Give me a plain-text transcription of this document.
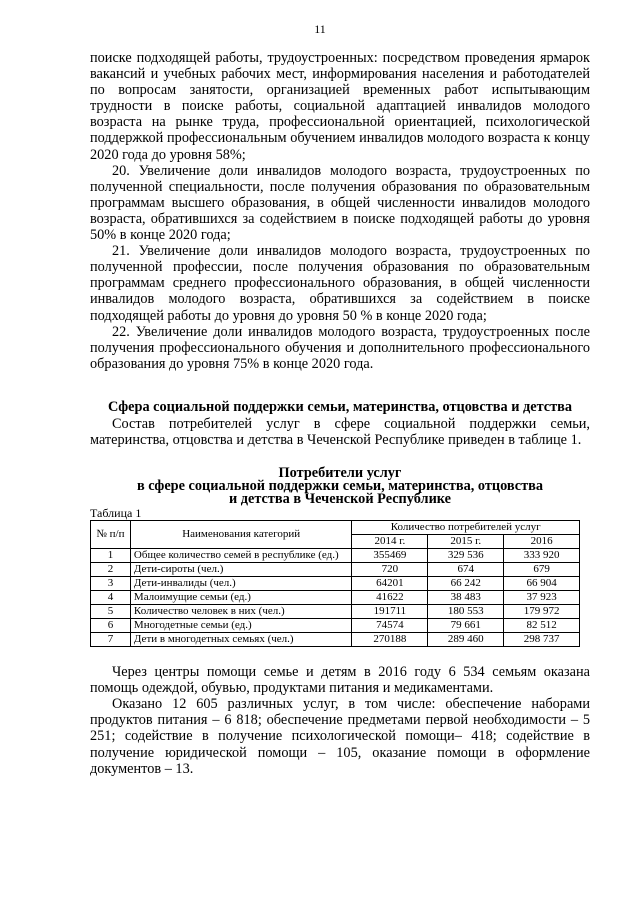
11

поиске подходящей работы, трудоустроенных: посредством проведения ярмарок вакансий и учебных рабочих мест, информирования населения и работодателей по вопросам занятости, организацией временных работ испытывающим трудности в поиске работы, социальной адаптацией инвалидов молодого возраста на рынке труда, профессиональной ориентацией, психологической поддержкой профессиональным обучением инвалидов молодого возраста к концу 2020 года до уровня 58%;

20. Увеличение доли инвалидов молодого возраста, трудоустроенных по полученной специальности, после получения образования по образовательным программам высшего образования, в общей численности инвалидов молодого возраста, обратившихся за содействием в поиске подходящей работы до уровня 50% в конце 2020 года;

21. Увеличение доли инвалидов молодого возраста, трудоустроенных по полученной профессии, после получения образования по образовательным программам среднего профессионального образования, в общей численности инвалидов молодого возраста, обратившихся за содействием в поиске подходящей работы до уровня до уровня 50 % в конце 2020 года;

22. Увеличение доли инвалидов молодого возраста, трудоустроенных после получения профессионального обучения и дополнительного профессионального образования до уровня 75% в конце 2020 года.

Сфера социальной поддержки семьи, материнства, отцовства и детства

Состав потребителей услуг в сфере социальной поддержки семьи, материнства, отцовства и детства в Чеченской Республике приведен в таблице 1.

Потребители услуг
в сфере социальной поддержки семьи, материнства, отцовства
и детства в Чеченской Республике
Таблица 1
№ п/п	Наименования категорий	Количество потребителей услуг		
		2014 г.	2015 г.	2016
1	Общее количество семей в республике (ед.)	355469	329 536	333 920
2	Дети-сироты (чел.)	720	674	679
3	Дети-инвалиды (чел.)	64201	66 242	66 904
4	Малоимущие семьи (ед.)	41622	38 483	37 923
5	Количество человек в них (чел.)	191711	180 553	179 972
6	Многодетные семьи (ед.)	74574	79 661	82 512
7	Дети в многодетных семьях (чел.)	270188	289 460	298 737

Через центры помощи семье и детям в 2016 году 6 534 семьям оказана помощь одеждой, обувью, продуктами питания и медикаментами.

Оказано 12 605 различных услуг, в том числе: обеспечение наборами продуктов питания – 6 818; обеспечение предметами первой необходимости – 5 251; содействие в получение психологической помощи– 418; содействие в получение юридической помощи – 105, оказание помощи в оформление документов – 13.
